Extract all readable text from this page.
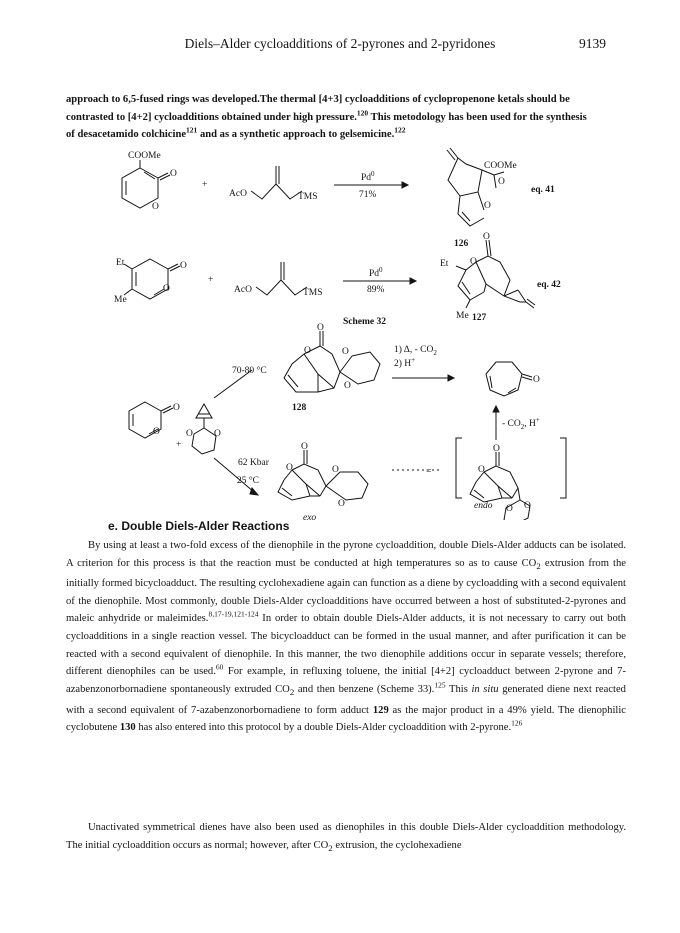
Diels–Alder cycloadditions of 2-pyrones and 2-pyridones	9139
approach to 6,5-fused rings was developed.The thermal [4+3] cycloadditions of cyclopropenone ketals should be
contrasted to [4+2] cycloadditions obtained under high pressure.$^{120}$ This metodology has been used for the synthesis
of desacetamido colchicine$^{121}$ and as a synthetic approach to gelsemicine.$^{122}$
COOMe
O
O
+
AcO	TMS
Pd$^0$
71%
COOMe
O
O
eq. 41
126
Et
Me
O
O
+
AcO	TMS
Pd$^0$
89%
Et
Me
O
O
eq. 42
127
Scheme 32
O
O
+
O O
70-80 °C
62 Kbar
25 °C
O
O	O
O
128
1) Δ, - $CO_2$
2) H+
O
- $CO_2$, H+
O
O	O
O
exo
=
O
O
O
O
endo
e. Double Diels-Alder Reactions
By using at least a two-fold excess of the dienophile in the pyrone cycloaddition, double Diels-Alder adducts can be isolated. A criterion for this process is that the reaction must be conducted at high temperatures so as to cause $CO_2$ extrusion from the initially formed bicycloadduct. The resulting cyclohexadiene again can function as a diene by cycloadding with a second equivalent of the dienophile. Most commonly, double Diels-Alder cycloadditions have occurred between a host of substituted-2-pyrones and maleic anhydride or maleimides.$^{8,17-19,121-124}$ In order to obtain double Diels-Alder adducts, it is not necessary to carry out both cycloadditions in a single reaction vessel. The bicycloadduct can be formed in the usual manner, and after purification it can be reacted with a second equivalent of dienophile. In this manner, the two dienophile additions occur in separate vessels; therefore, different dienophiles can be used.$^{60}$ For example, in refluxing toluene, the initial [4+2] cycloadduct between 2-pyrone and 7- azabenzonorbornadiene spontaneously extruded $CO_2$ and then benzene (Scheme 33).$^{125}$ This in situ generated diene next reacted with a second equivalent of 7-azabenzonorbornadiene to form adduct 129 as the major product in a 49% yield. The dienophilic cyclobutene 130 has also entered into this protocol by a double Diels-Alder cycloaddition with 2-pyrone.$^{126}$
Unactivated symmetrical dienes have also been used as dienophiles in this double Diels-Alder cycloaddition methodology. The initial cycloaddition occurs as normal; however, after $CO_2$ extrusion, the cyclohexadiene
